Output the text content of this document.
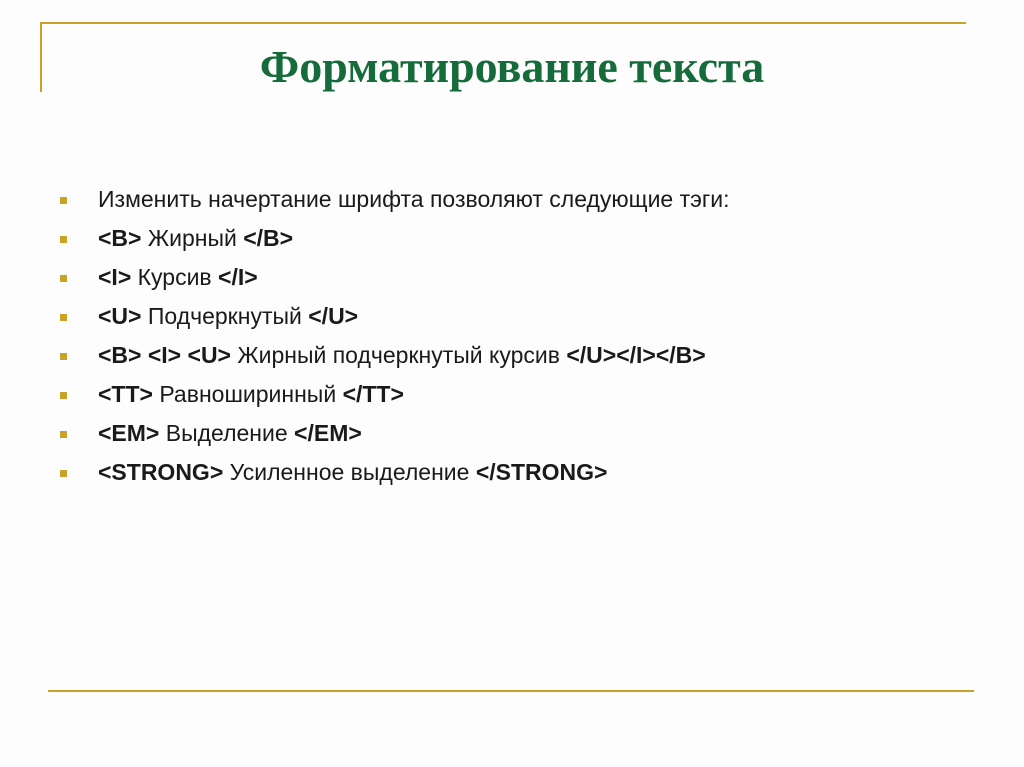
Форматирование текста
Изменить начертание шрифта позволяют следующие тэги:
<B> Жирный </B>
<I> Курсив </I>
<U> Подчеркнутый </U>
<B> <I> <U> Жирный подчеркнутый курсив </U></I></B>
<TT> Равноширинный </TT>
<EM> Выделение </EM>
<STRONG> Усиленное выделение </STRONG>
